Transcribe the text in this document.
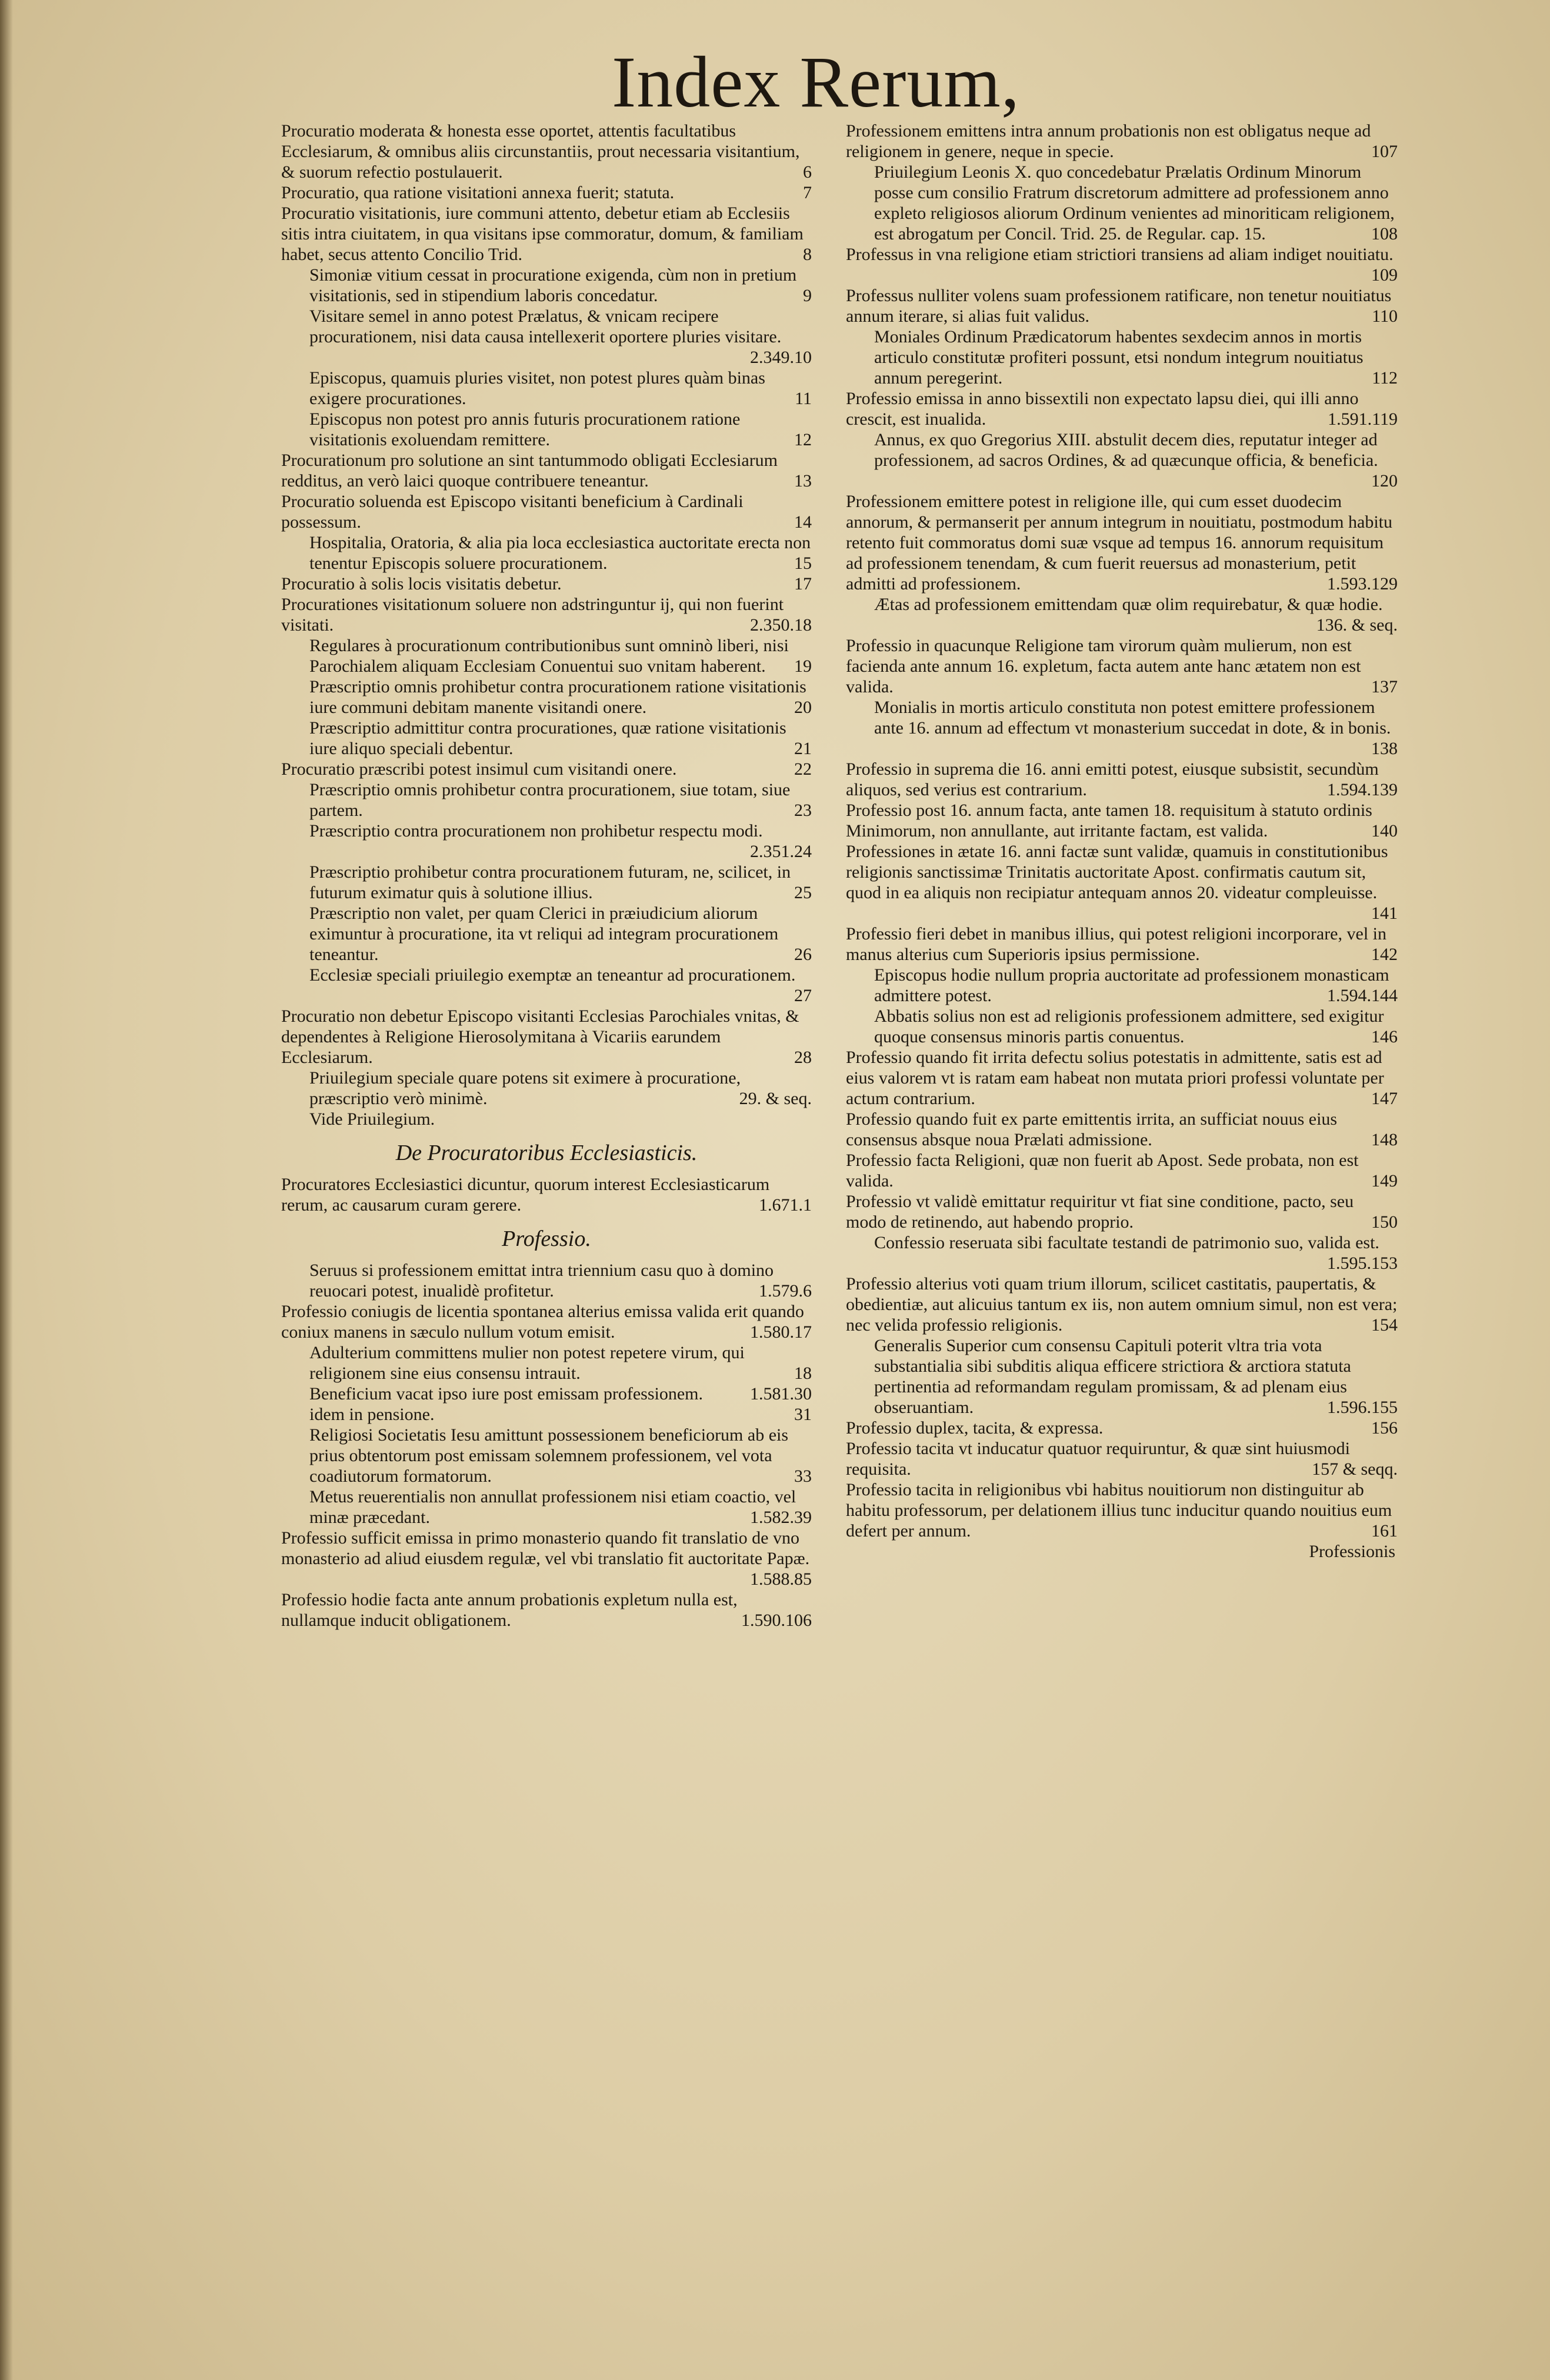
Index Rerum,
Procuratio moderata & honesta esse oportet, attentis facultatibus Ecclesiarum, & omnibus aliis circunstantiis, prout necessaria visitantium, & suorum refectio postulauerit.	6
Procuratio, qua ratione visitationi annexa fuerit; statuta.	7
Procuratio visitationis, iure communi attento, debetur etiam ab Ecclesiis sitis intra ciuitatem, in qua visitans ipse commoratur, domum, & familiam habet, secus attento Concilio Trid.	8
Simoniæ vitium cessat in procuratione exigenda, cùm non in pretium visitationis, sed in stipendium laboris concedatur.	9
Visitare semel in anno potest Prælatus, & vnicam recipere procurationem, nisi data causa intellexerit oportere pluries visitare.
2.349.10
Episcopus, quamuis pluries visitet, non potest plures quàm binas exigere procurationes.	11
Episcopus non potest pro annis futuris procurationem ratione visitationis exoluendam remittere.	12
Procurationum pro solutione an sint tantummodo obligati Ecclesiarum redditus, an verò laici quoque contribuere teneantur.	13
Procuratio soluenda est Episcopo visitanti beneficium à Cardinali possessum.	14
Hospitalia, Oratoria, & alia pia loca ecclesiastica auctoritate erecta non tenentur Episcopis soluere procurationem.	15
Procuratio à solis locis visitatis debetur.	17
Procurationes visitationum soluere non adstringuntur ij, qui non fuerint visitati.	2.350.18
Regulares à procurationum contributionibus sunt omninò liberi, nisi Parochialem aliquam Ecclesiam Conuentui suo vnitam haberent.	19
Præscriptio omnis prohibetur contra procurationem ratione visitationis iure communi debitam manente visitandi onere.	20
Præscriptio admittitur contra procurationes, quæ ratione visitationis iure aliquo speciali debentur.	21
Procuratio præscribi potest insimul cum visitandi onere.	22
Præscriptio omnis prohibetur contra procurationem, siue totam, siue partem.	23
Præscriptio contra procurationem non prohibetur respectu modi.
2.351.24
Præscriptio prohibetur contra procurationem futuram, ne, scilicet, in futurum eximatur quis à solutione illius.	25
Præscriptio non valet, per quam Clerici in præiudicium aliorum eximuntur à procuratione, ita vt reliqui ad integram procurationem teneantur.	26
Ecclesiæ speciali priuilegio exemptæ an teneantur ad procurationem.
27
Procuratio non debetur Episcopo visitanti Ecclesias Parochiales vnitas, & dependentes à Religione Hierosolymitana à Vicariis earundem Ecclesiarum.	28
Priuilegium speciale quare potens sit eximere à procuratione, præscriptio verò minimè.	29. & seq.
Vide Priuilegium.
De Procuratoribus Ecclesiasticis.
Procuratores Ecclesiastici dicuntur, quorum interest Ecclesiasticarum rerum, ac causarum curam gerere.	1.671.1
Professio.
Seruus si professionem emittat intra triennium casu quo à domino reuocari potest, inualidè profitetur.	1.579.6
Professio coniugis de licentia spontanea alterius emissa valida erit quando coniux manens in sæculo nullum votum emisit.	1.580.17
Adulterium committens mulier non potest repetere virum, qui religionem sine eius consensu intrauit.	18
Beneficium vacat ipso iure post emissam professionem.	1.581.30
idem in pensione.	31
Religiosi Societatis Iesu amittunt possessionem beneficiorum ab eis prius obtentorum post emissam solemnem professionem, vel vota coadiutorum formatorum.	33
Metus reuerentialis non annullat professionem nisi etiam coactio, vel minæ præcedant.	1.582.39
Professio sufficit emissa in primo monasterio quando fit translatio de vno monasterio ad aliud eiusdem regulæ, vel vbi translatio fit auctoritate Papæ.
1.588.85
Professio hodie facta ante annum probationis expletum nulla est, nullamque inducit obligationem.	1.590.106
Professionem emittens intra annum probationis non est obligatus neque ad religionem in genere, neque in specie.	107
Priuilegium Leonis X. quo concedebatur Prælatis Ordinum Minorum posse cum consilio Fratrum discretorum admittere ad professionem anno expleto religiosos aliorum Ordinum venientes ad minoriticam religionem, est abrogatum per Concil. Trid. 25. de Regular. cap. 15.	108
Professus in vna religione etiam strictiori transiens ad aliam indiget nouitiatu.
109
Professus nulliter volens suam professionem ratificare, non tenetur nouitiatus annum iterare, si alias fuit validus.	110
Moniales Ordinum Prædicatorum habentes sexdecim annos in mortis articulo constitutæ profiteri possunt, etsi nondum integrum nouitiatus annum peregerint.	112
Professio emissa in anno bissextili non expectato lapsu diei, qui illi anno crescit, est inualida.	1.591.119
Annus, ex quo Gregorius XIII. abstulit decem dies, reputatur integer ad professionem, ad sacros Ordines, & ad quæcunque officia, & beneficia.
120
Professionem emittere potest in religione ille, qui cum esset duodecim annorum, & permanserit per annum integrum in nouitiatu, postmodum habitu retento fuit commoratus domi suæ vsque ad tempus 16. annorum requisitum ad professionem tenendam, & cum fuerit reuersus ad monasterium, petit admitti ad professionem.	1.593.129
Ætas ad professionem emittendam quæ olim requirebatur, & quæ hodie.
136. & seq.
Professio in quacunque Religione tam virorum quàm mulierum, non est facienda ante annum 16. expletum, facta autem ante hanc ætatem non est valida.	137
Monialis in mortis articulo constituta non potest emittere professionem ante 16. annum ad effectum vt monasterium succedat in dote, & in bonis.
138
Professio in suprema die 16. anni emitti potest, eiusque subsistit, secundùm aliquos, sed verius est contrarium.	1.594.139
Professio post 16. annum facta, ante tamen 18. requisitum à statuto ordinis Minimorum, non annullante, aut irritante factam, est valida.	140
Professiones in ætate 16. anni factæ sunt validæ, quamuis in constitutionibus religionis sanctissimæ Trinitatis auctoritate Apost. confirmatis cautum sit, quod in ea aliquis non recipiatur antequam annos 20. videatur compleuisse.
141
Professio fieri debet in manibus illius, qui potest religioni incorporare, vel in manus alterius cum Superioris ipsius permissione.	142
Episcopus hodie nullum propria auctoritate ad professionem monasticam admittere potest.	1.594.144
Abbatis solius non est ad religionis professionem admittere, sed exigitur quoque consensus minoris partis conuentus.	146
Professio quando fit irrita defectu solius potestatis in admittente, satis est ad eius valorem vt is ratam eam habeat non mutata priori professi voluntate per actum contrarium.	147
Professio quando fuit ex parte emittentis irrita, an sufficiat nouus eius consensus absque noua Prælati admissione.	148
Professio facta Religioni, quæ non fuerit ab Apost. Sede probata, non est valida.	149
Professio vt validè emittatur requiritur vt fiat sine conditione, pacto, seu modo de retinendo, aut habendo proprio.	150
Confessio reseruata sibi facultate testandi de patrimonio suo, valida est.
1.595.153
Professio alterius voti quam trium illorum, scilicet castitatis, paupertatis, & obedientiæ, aut alicuius tantum ex iis, non autem omnium simul, non est vera; nec velida professio religionis.	154
Generalis Superior cum consensu Capituli poterit vltra tria vota substantialia sibi subditis aliqua efficere strictiora & arctiora statuta pertinentia ad reformandam regulam promissam, & ad plenam eius obseruantiam.	1.596.155
Professio duplex, tacita, & expressa.	156
Professio tacita vt inducatur quatuor requiruntur, & quæ sint huiusmodi requisita.	157 & seqq.
Professio tacita in religionibus vbi habitus nouitiorum non distinguitur ab habitu professorum, per delationem illius tunc inducitur quando nouitius eum defert per annum.	161
Professionis
